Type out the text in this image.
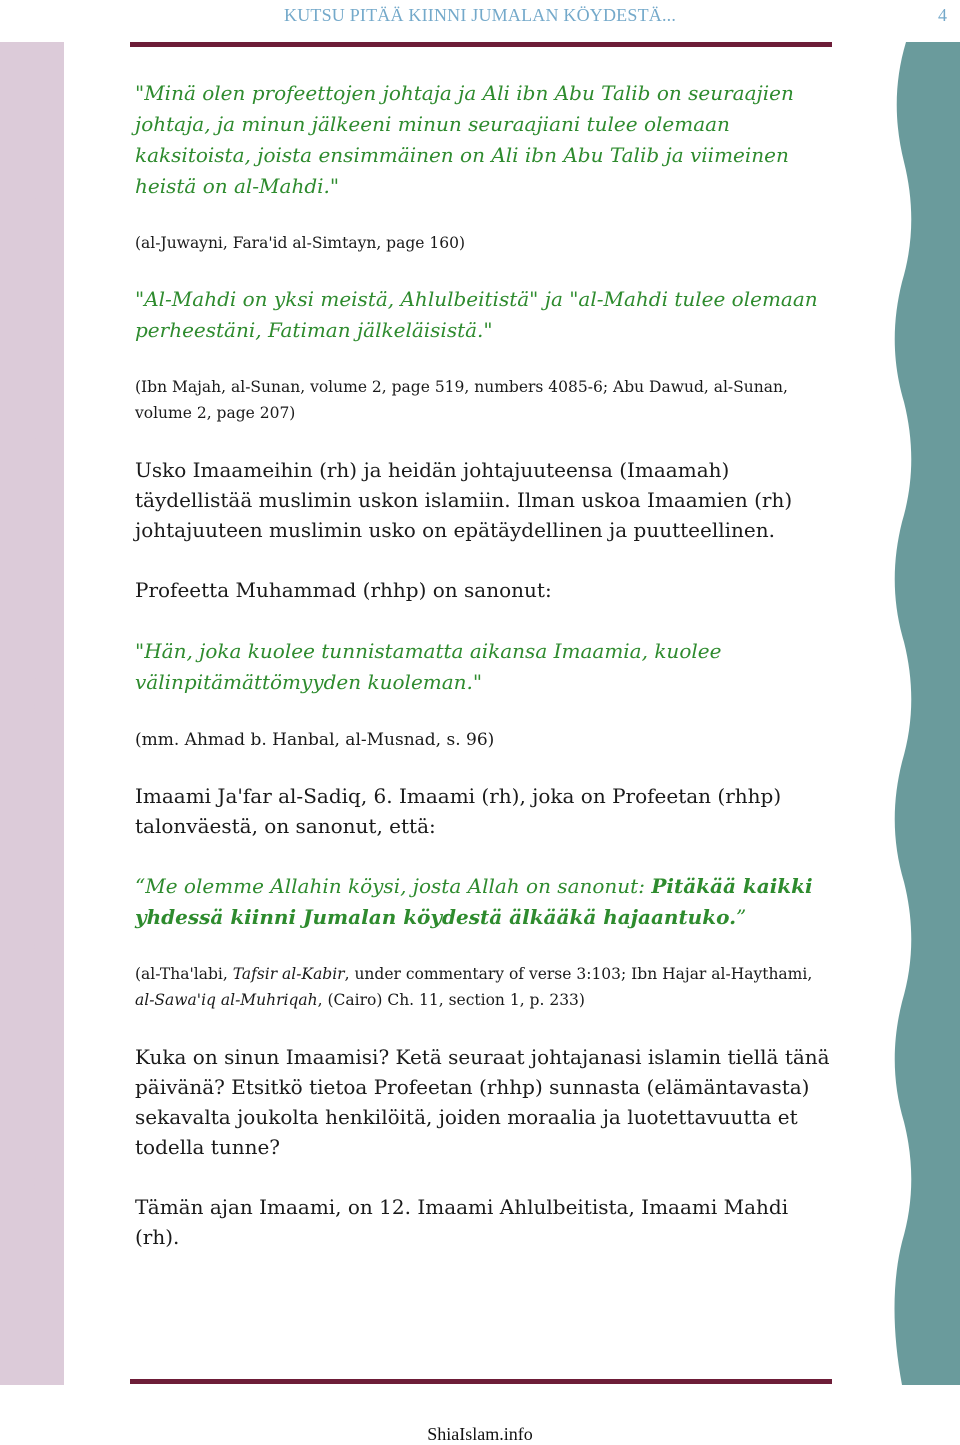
KUTSU PITÄÄ KIINNI JUMALAN KÖYDESTÄ...	4
"Minä olen profeettojen johtaja ja Ali ibn Abu Talib on seuraajien johtaja, ja minun jälkeeni minun seuraajiani tulee olemaan kaksitoista, joista ensimmäinen on Ali ibn Abu Talib ja viimeinen heistä on al-Mahdi."
(al-Juwayni, Fara'id al-Simtayn, page 160)
"Al-Mahdi on yksi meistä, Ahlulbeitistä" ja "al-Mahdi tulee olemaan perheestäni, Fatiman jälkeläisistä."
(Ibn Majah, al-Sunan, volume 2, page 519, numbers 4085-6; Abu Dawud, al-Sunan, volume 2, page 207)
Usko Imaameihin (rh) ja heidän johtajuuteensa (Imaamah) täydellistää muslimin uskon islamiin. Ilman uskoa Imaamien (rh) johtajuuteen muslimin usko on epätäydellinen ja puutteellinen.
Profeetta Muhammad (rhhp) on sanonut:
"Hän, joka kuolee tunnistamatta aikansa Imaamia, kuolee välinpitämättömyyden kuoleman."
(mm. Ahmad b. Hanbal, al-Musnad, s. 96)
Imaami Ja'far al-Sadiq, 6. Imaami (rh), joka on Profeetan (rhhp) talonväestä, on sanonut, että:
“Me olemme Allahin köysi, josta Allah on sanonut: Pitäkää kaikki yhdessä kiinni Jumalan köydestä älkääkä hajaantuko.”
(al-Tha'labi, Tafsir al-Kabir, under commentary of verse 3:103; Ibn Hajar al-Haythami, al-Sawa'iq al-Muhriqah, (Cairo) Ch. 11, section 1, p. 233)
Kuka on sinun Imaamisi? Ketä seuraat johtajanasi islamin tiellä tänä päivänä? Etsitkö tietoa Profeetan (rhhp) sunnasta (elämäntavasta) sekavalta joukolta henkilöitä, joiden moraalia ja luotettavuutta et todella tunne?
Tämän ajan Imaami, on 12. Imaami Ahlulbeitista, Imaami Mahdi (rh).
ShiaIslam.info
